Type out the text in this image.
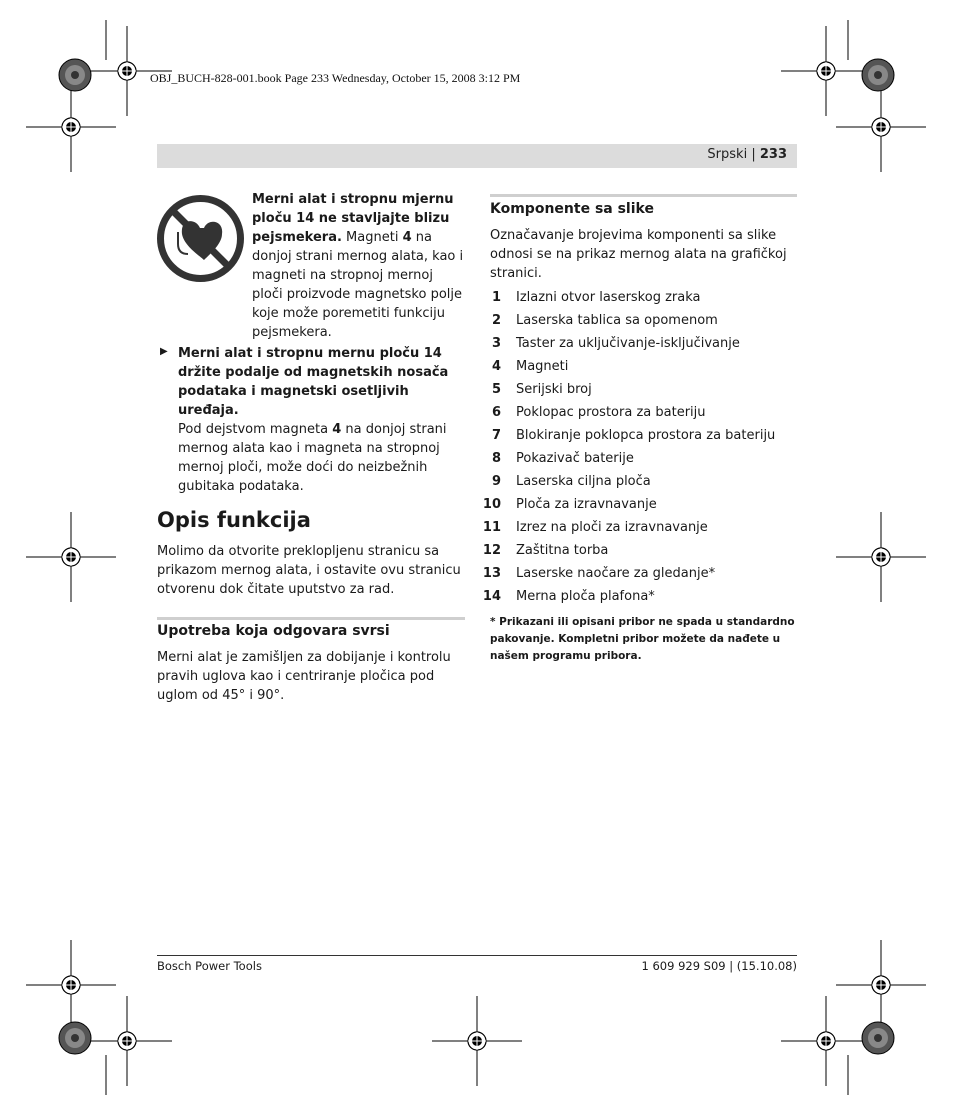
OBJ_BUCH-828-001.book Page 233 Wednesday, October 15, 2008 3:12 PM
Srpski | 233
Merni alat i stropnu mjernu ploču 14 ne stavljajte blizu pejsmekera. Magneti 4 na donjoj strani mernog alata, kao i magneti na stropnoj mernoj ploči proizvode magnetsko polje koje može poremetiti funkciju pejsmekera.
▶ Merni alat i stropnu mernu ploču 14 držite podalje od magnetskih nosača podataka i magnetski osetljivih uređaja.
Pod dejstvom magneta 4 na donjoj strani mernog alata kao i magneta na stropnoj mernoj ploči, može doći do neizbežnih gubitaka podataka.
Opis funkcija

Molimo da otvorite preklopljenu stranicu sa prikazom mernog alata, i ostavite ovu stranicu otvorenu dok čitate uputstvo za rad.

Upotreba koja odgovara svrsi

Merni alat je zamišljen za dobijanje i kontrolu pravih uglova kao i centriranje pločica pod uglom od 45° i 90°.

Komponente sa slike

Označavanje brojevima komponenti sa slike odnosi se na prikaz mernog alata na grafičkoj stranici.

1 Izlazni otvor laserskog zraka
2 Laserska tablica sa opomenom
3 Taster za uključivanje-isključivanje
4 Magneti
5 Serijski broj
6 Poklopac prostora za bateriju
7 Blokiranje poklopca prostora za bateriju
8 Pokazivač baterije
9 Laserska ciljna ploča
10 Ploča za izravnavanje
11 Izrez na ploči za izravnavanje
12 Zaštitna torba
13 Laserske naočare za gledanje*
14 Merna ploča plafona*
* Prikazani ili opisani pribor ne spada u standardno pakovanje. Kompletni pribor možete da nađete u našem programu pribora.
Bosch Power Tools	1 609 929 S09 | (15.10.08)
